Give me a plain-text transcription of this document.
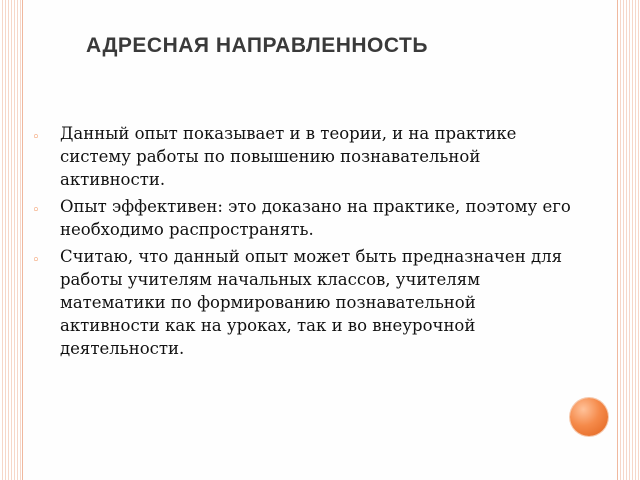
АДРЕСНАЯ НАПРАВЛЕННОСТЬ
◦ Данный опыт показывает и в теории, и на практике систему работы по повышению познавательной активности.
◦ Опыт эффективен: это доказано на практике, поэтому его необходимо распространять.
◦ Считаю, что данный опыт может быть предназначен для работы учителям начальных классов, учителям математики по формированию познавательной активности как на уроках, так и во внеурочной деятельности.
